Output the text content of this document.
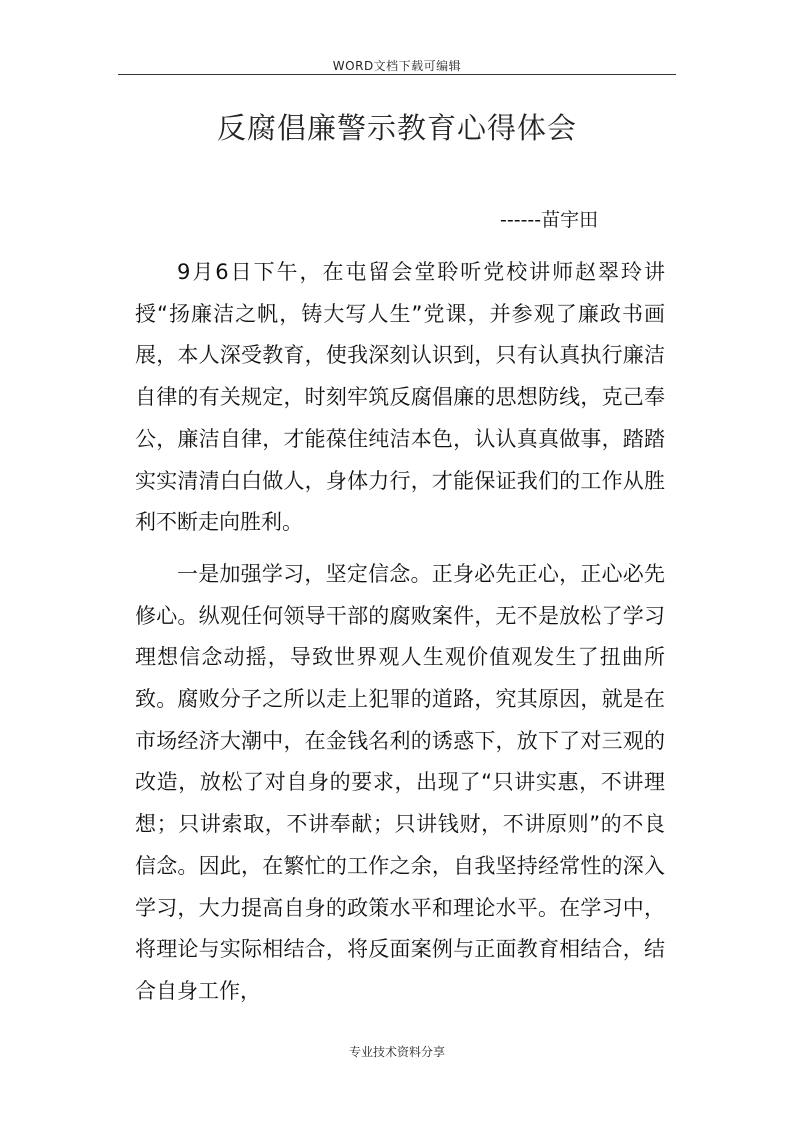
WORD文档下载可编辑
反腐倡廉警示教育心得体会
------苗宇田

9月6日下午，在屯留会堂聆听党校讲师赵翠玲讲授“扬廉洁之帆，铸大写人生”党课，并参观了廉政书画展，本人深受教育，使我深刻认识到，只有认真执行廉洁自律的有关规定，时刻牢筑反腐倡廉的思想防线，克己奉公，廉洁自律，才能葆住纯洁本色，认认真真做事，踏踏实实清清白白做人，身体力行，才能保证我们的工作从胜利不断走向胜利。

一是加强学习，坚定信念。正身必先正心，正心必先修心。纵观任何领导干部的腐败案件，无不是放松了学习理想信念动摇，导致世界观人生观价值观发生了扭曲所致。腐败分子之所以走上犯罪的道路，究其原因，就是在市场经济大潮中，在金钱名利的诱惑下，放下了对三观的改造，放松了对自身的要求，出现了“只讲实惠，不讲理想；只讲索取，不讲奉献；只讲钱财，不讲原则”的不良信念。因此，在繁忙的工作之余，自我坚持经常性的深入学习，大力提高自身的政策水平和理论水平。在学习中，将理论与实际相结合，将反面案例与正面教育相结合，结合自身工作，

专业技术资料分享
